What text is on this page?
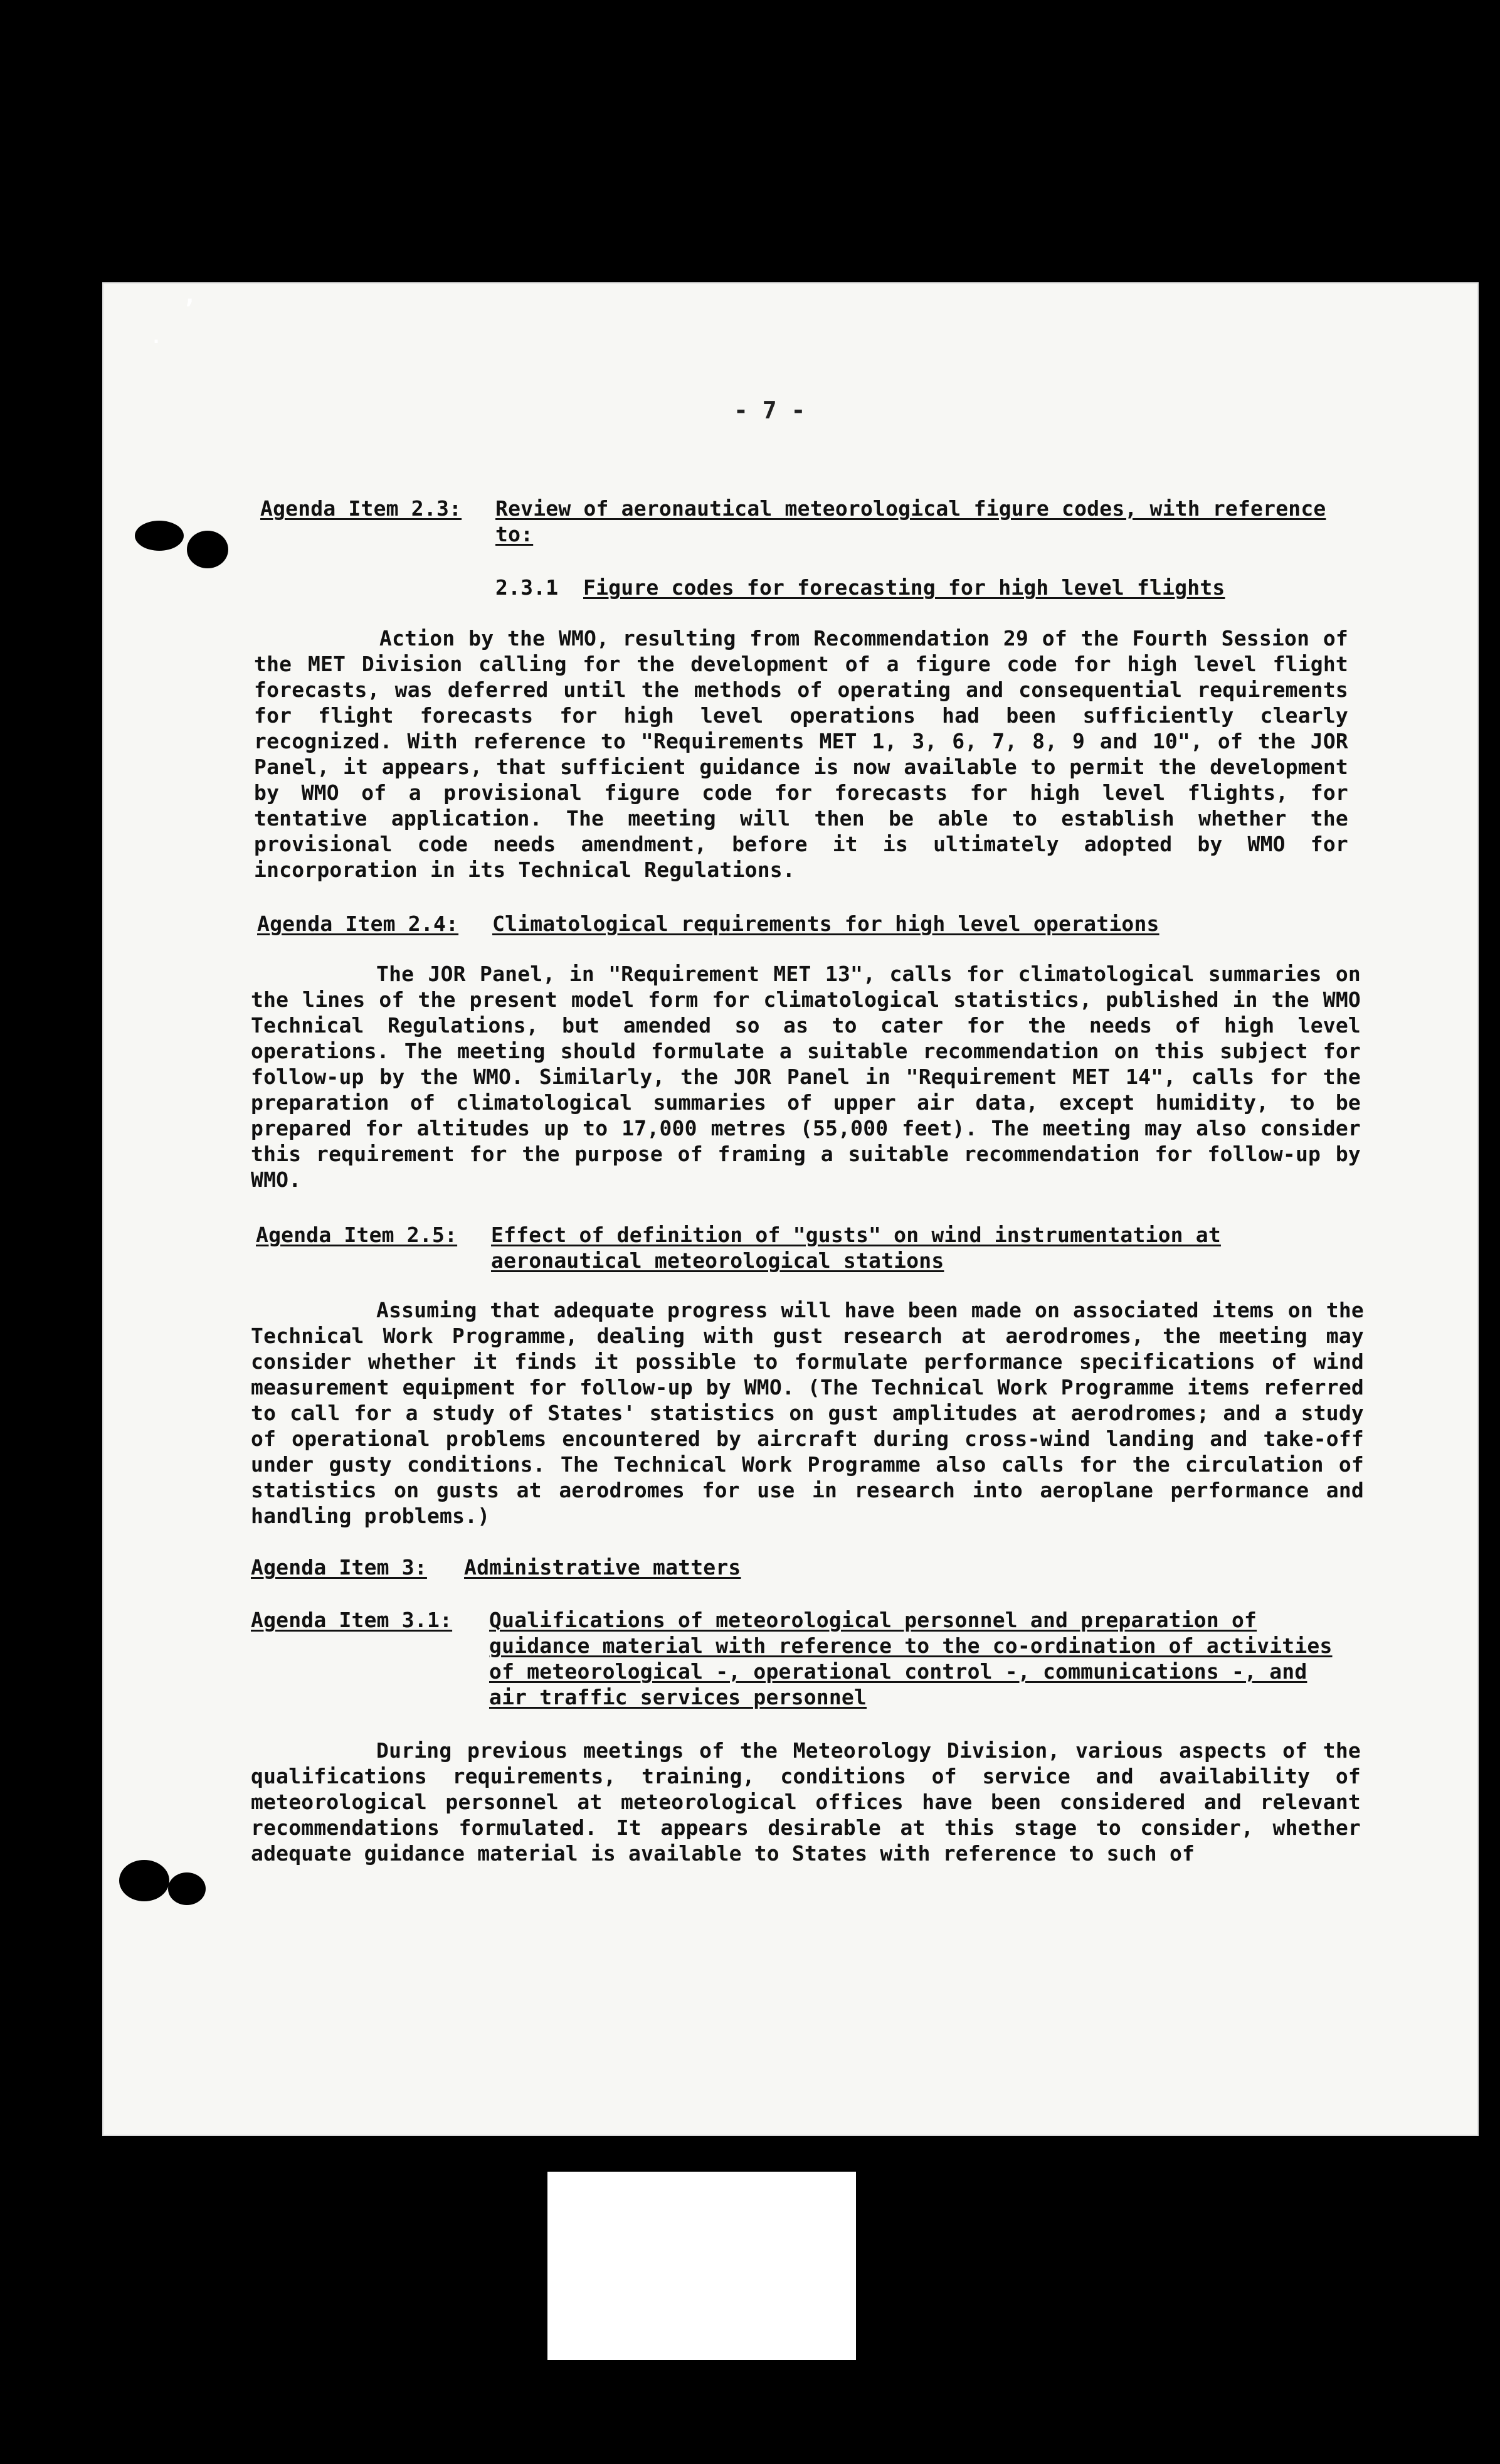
’
.
- 7 -
Agenda Item 2.3: Review of aeronautical meteorological figure codes, with reference to:
2.3.1 Figure codes for forecasting for high level flights
Action by the WMO, resulting from Recommendation 29 of the Fourth Session of the MET Division calling for the development of a figure code for high level flight forecasts, was deferred until the methods of operating and consequential requirements for flight forecasts for high level operations had been sufficiently clearly recognized. With reference to "Requirements MET 1, 3, 6, 7, 8, 9 and 10", of the JOR Panel, it appears, that sufficient guidance is now available to permit the development by WMO of a provisional figure code for forecasts for high level flights, for tentative application. The meeting will then be able to establish whether the provisional code needs amendment, before it is ultimately adopted by WMO for incorporation in its Technical Regulations.
Agenda Item 2.4: Climatological requirements for high level operations
The JOR Panel, in "Requirement MET 13", calls for climatological summaries on the lines of the present model form for climatological statistics, published in the WMO Technical Regulations, but amended so as to cater for the needs of high level operations. The meeting should formulate a suitable recommendation on this subject for follow-up by the WMO. Similarly, the JOR Panel in "Requirement MET 14", calls for the preparation of climatological summaries of upper air data, except humidity, to be prepared for altitudes up to 17,000 metres (55,000 feet). The meeting may also consider this requirement for the purpose of framing a suitable recommendation for follow-up by WMO.
Agenda Item 2.5: Effect of definition of "gusts" on wind instrumentation at aeronautical meteorological stations
Assuming that adequate progress will have been made on associated items on the Technical Work Programme, dealing with gust research at aerodromes, the meeting may consider whether it finds it possible to formulate performance specifications of wind measurement equipment for follow-up by WMO. (The Technical Work Programme items referred to call for a study of States' statistics on gust amplitudes at aerodromes; and a study of operational problems encountered by aircraft during cross-wind landing and take-off under gusty conditions. The Technical Work Programme also calls for the circulation of statistics on gusts at aerodromes for use in research into aeroplane performance and handling problems.)
Agenda Item 3: Administrative matters
Agenda Item 3.1: Qualifications of meteorological personnel and preparation of guidance material with reference to the co-ordination of activities of meteorological -, operational control -, communications -, and air traffic services personnel
During previous meetings of the Meteorology Division, various aspects of the qualifications requirements, training, conditions of service and availability of meteorological personnel at meteorological offices have been considered and relevant recommendations formulated. It appears desirable at this stage to consider, whether adequate guidance material is available to States with reference to such of
